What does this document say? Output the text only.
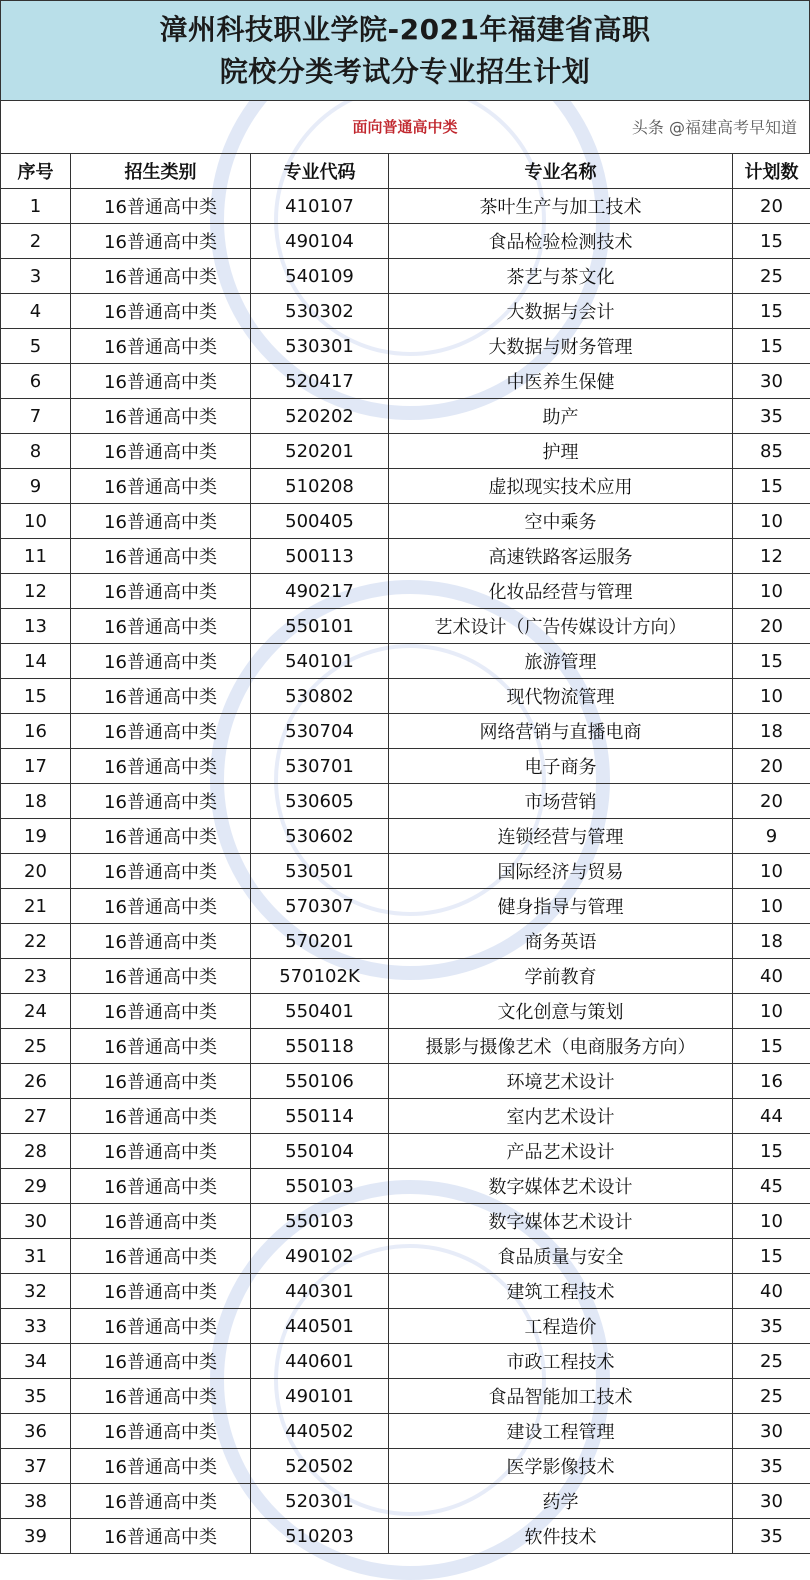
漳州科技职业学院-2021年福建省高职
院校分类考试分专业招生计划
面向普通高中类	头条 @福建高考早知道
序号	招生类别	专业代码	专业名称	计划数
1	16普通高中类	410107	茶叶生产与加工技术	20
2	16普通高中类	490104	食品检验检测技术	15
3	16普通高中类	540109	茶艺与茶文化	25
4	16普通高中类	530302	大数据与会计	15
5	16普通高中类	530301	大数据与财务管理	15
6	16普通高中类	520417	中医养生保健	30
7	16普通高中类	520202	助产	35
8	16普通高中类	520201	护理	85
9	16普通高中类	510208	虚拟现实技术应用	15
10	16普通高中类	500405	空中乘务	10
11	16普通高中类	500113	高速铁路客运服务	12
12	16普通高中类	490217	化妆品经营与管理	10
13	16普通高中类	550101	艺术设计（广告传媒设计方向）	20
14	16普通高中类	540101	旅游管理	15
15	16普通高中类	530802	现代物流管理	10
16	16普通高中类	530704	网络营销与直播电商	18
17	16普通高中类	530701	电子商务	20
18	16普通高中类	530605	市场营销	20
19	16普通高中类	530602	连锁经营与管理	9
20	16普通高中类	530501	国际经济与贸易	10
21	16普通高中类	570307	健身指导与管理	10
22	16普通高中类	570201	商务英语	18
23	16普通高中类	570102K	学前教育	40
24	16普通高中类	550401	文化创意与策划	10
25	16普通高中类	550118	摄影与摄像艺术（电商服务方向）	15
26	16普通高中类	550106	环境艺术设计	16
27	16普通高中类	550114	室内艺术设计	44
28	16普通高中类	550104	产品艺术设计	15
29	16普通高中类	550103	数字媒体艺术设计	45
30	16普通高中类	550103	数字媒体艺术设计	10
31	16普通高中类	490102	食品质量与安全	15
32	16普通高中类	440301	建筑工程技术	40
33	16普通高中类	440501	工程造价	35
34	16普通高中类	440601	市政工程技术	25
35	16普通高中类	490101	食品智能加工技术	25
36	16普通高中类	440502	建设工程管理	30
37	16普通高中类	520502	医学影像技术	35
38	16普通高中类	520301	药学	30
39	16普通高中类	510203	软件技术	35
